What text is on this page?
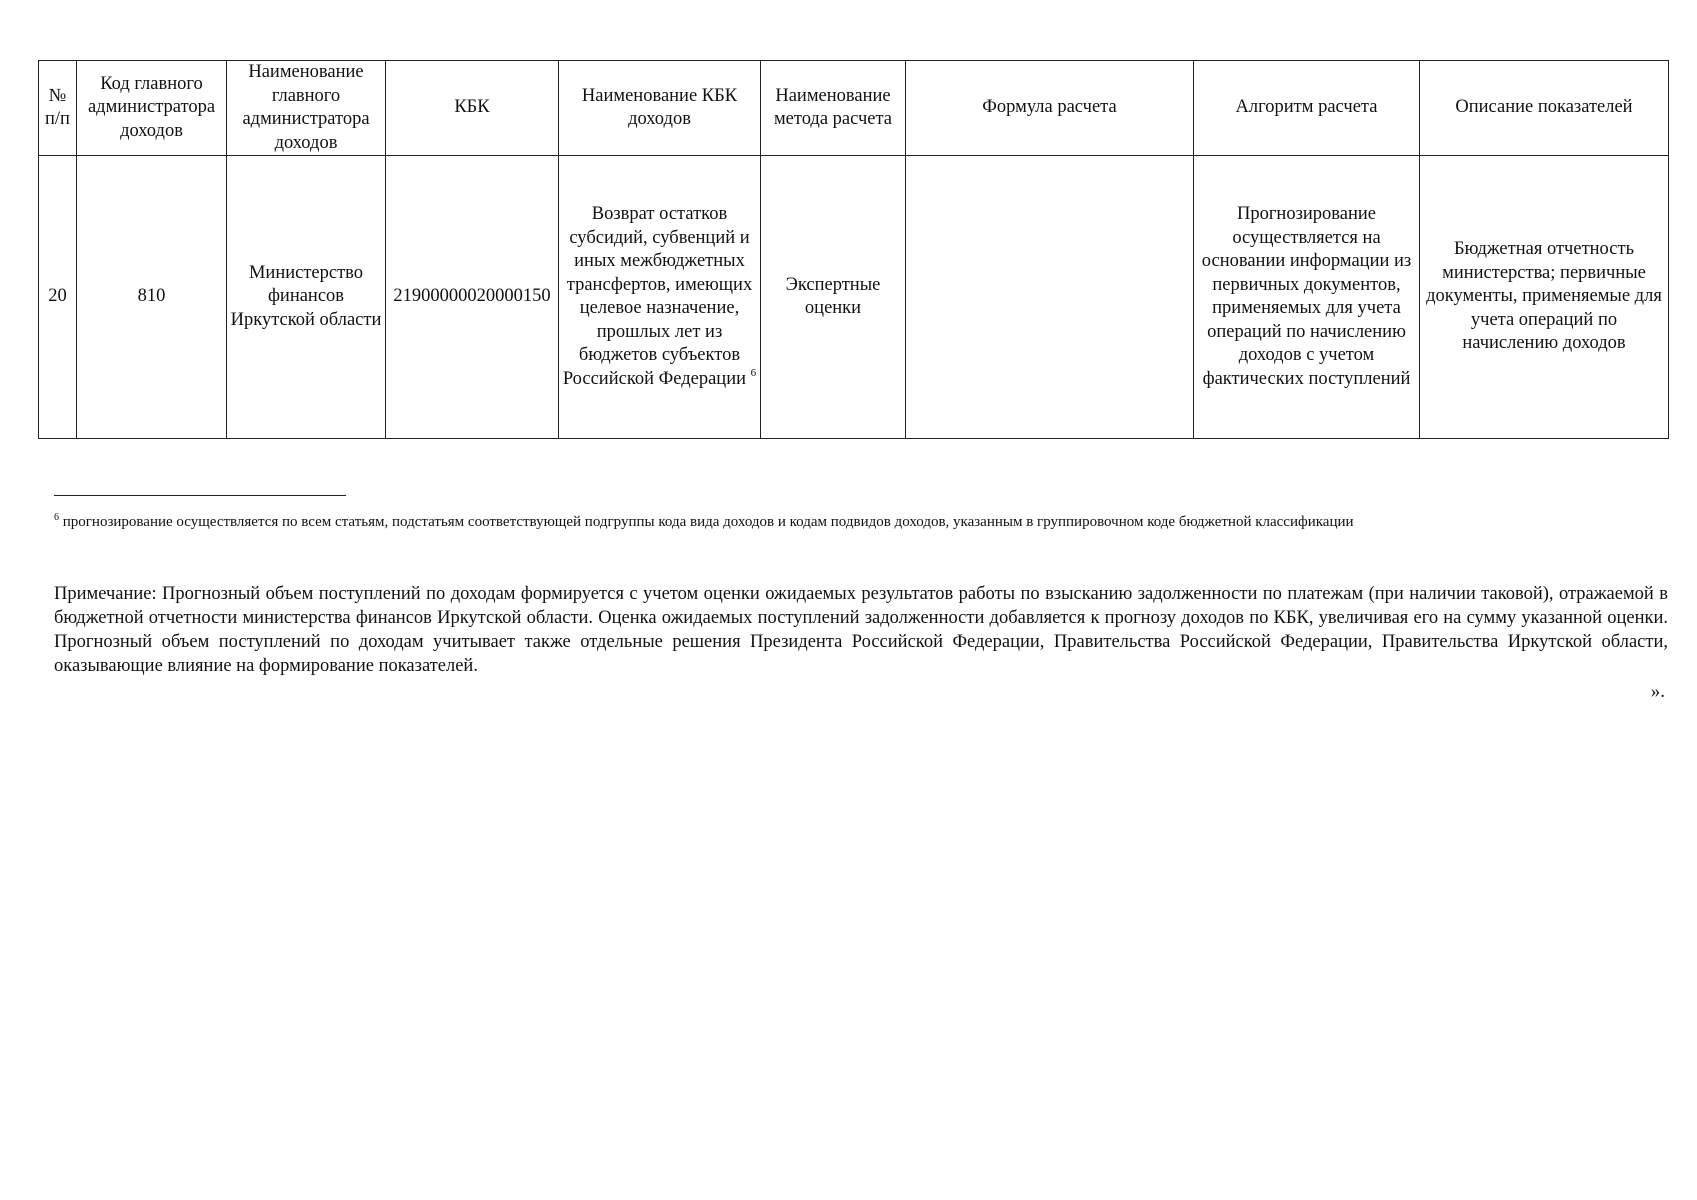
№ п/п	Код главного администратора доходов	Наименование главного администратора доходов	КБК	Наименование КБК доходов	Наименование метода расчета	Формула расчета	Алгоритм расчета	Описание показателей
20	810	Министерство финансов Иркутской области	21900000020000150	Возврат остатков субсидий, субвенций и иных межбюджетных трансфертов, имеющих целевое назначение, прошлых лет из бюджетов субъектов Российской Федерации $^6$	Экспертные оценки		Прогнозирование осуществляется на основании информации из первичных документов, применяемых для учета операций по начислению доходов с учетом фактических поступлений	Бюджетная отчетность министерства; первичные документы, применяемые для учета операций по начислению доходов
$^6$ прогнозирование осуществляется по всем статьям, подстатьям соответствующей подгруппы кода вида доходов и кодам подвидов доходов, указанным в группировочном коде бюджетной классификации
Примечание: Прогнозный объем поступлений по доходам формируется с учетом оценки ожидаемых результатов работы по взысканию задолженности по платежам (при наличии таковой), отражаемой в бюджетной отчетности министерства финансов Иркутской области. Оценка ожидаемых поступлений задолженности добавляется к прогнозу доходов по КБК, увеличивая его на сумму указанной оценки. Прогнозный объем поступлений по доходам учитывает также отдельные решения Президента Российской Федерации, Правительства Российской Федерации, Правительства Иркутской области, оказывающие влияние на формирование показателей.
».
